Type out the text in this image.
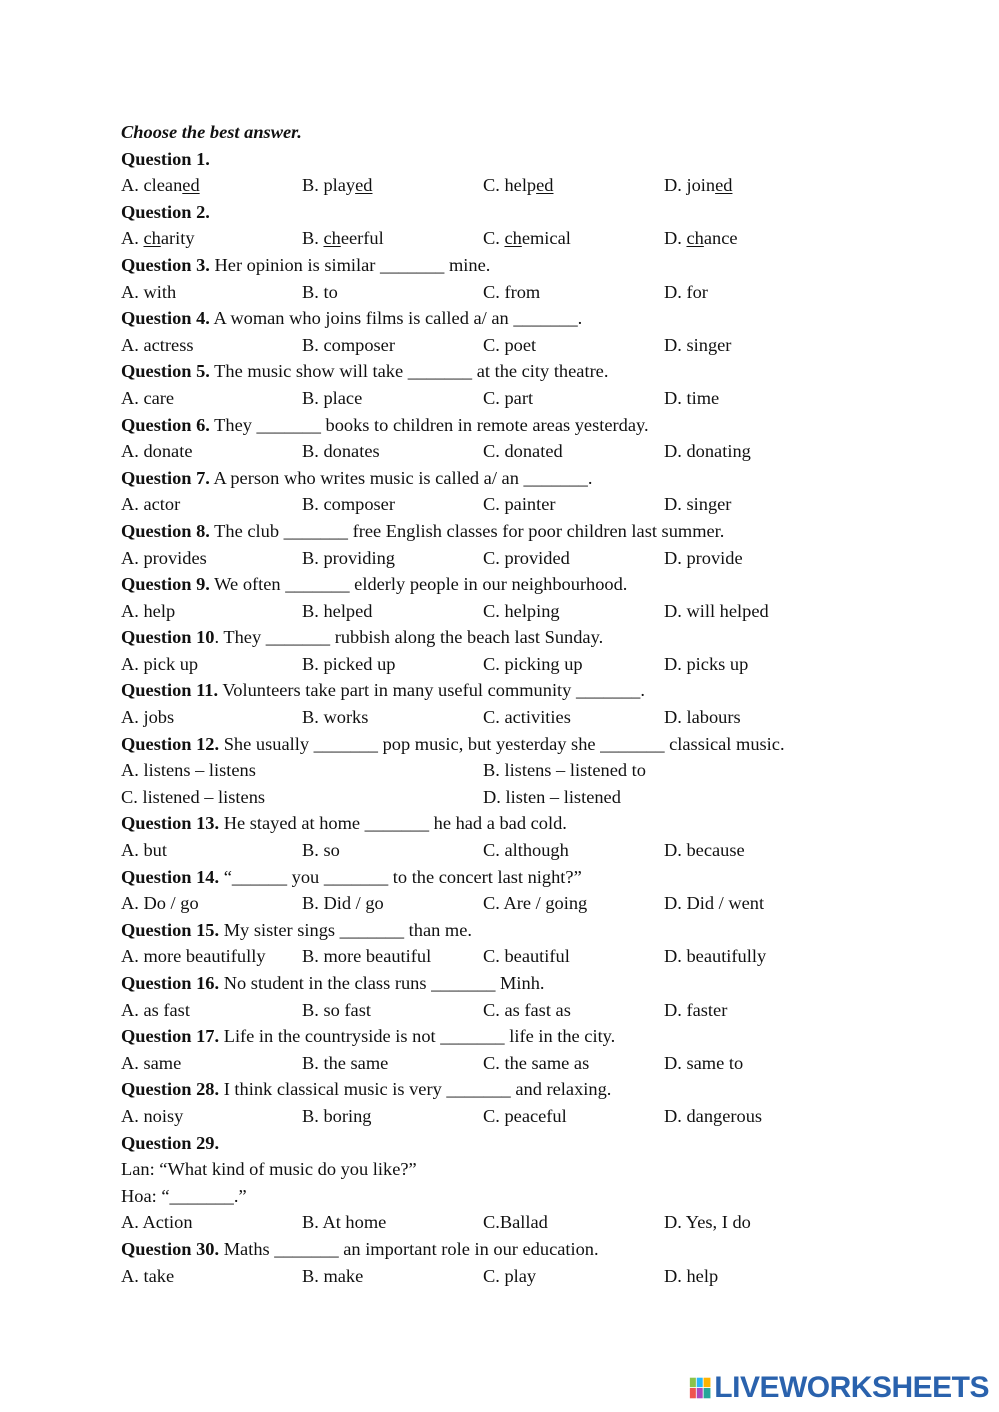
Choose the best answer.
Question 1.
A. cleaned	B. played	C. helped	D. joined
Question 2.
A. charity	B. cheerful	C. chemical	D. chance
Question 3. Her opinion is similar _______ mine.
A. with	B. to	C. from	D. for
Question 4. A woman who joins films is called a/ an _______.
A. actress	B. composer	C. poet	D. singer
Question 5. The music show will take _______ at the city theatre.
A. care	B. place	C. part	D. time
Question 6. They _______ books to children in remote areas yesterday.
A. donate	B. donates	C. donated	D. donating
Question 7. A person who writes music is called a/ an _______.
A. actor	B. composer	C. painter	D. singer
Question 8. The club _______ free English classes for poor children last summer.
A. provides	B. providing	C. provided	D. provide
Question 9. We often _______ elderly people in our neighbourhood.
A. help	B. helped	C. helping	D. will helped
Question 10. They _______ rubbish along the beach last Sunday.
A. pick up	B. picked up	C. picking up	D. picks up
Question 11. Volunteers take part in many useful community _______.
A. jobs	B. works	C. activities	D. labours
Question 12. She usually _______ pop music, but yesterday she _______ classical music.
A. listens – listens	B. listens – listened to
C. listened – listens	D. listen – listened
Question 13. He stayed at home _______ he had a bad cold.
A. but	B. so	C. although	D. because
Question 14. “______ you _______ to the concert last night?”
A. Do / go	B. Did / go	C. Are / going	D. Did / went
Question 15. My sister sings _______ than me.
A. more beautifully	B. more beautiful	C. beautiful	D. beautifully
Question 16. No student in the class runs _______ Minh.
A. as fast	B. so fast	C. as fast as	D. faster
Question 17. Life in the countryside is not _______ life in the city.
A. same	B. the same	C. the same as	D. same to
Question 28. I think classical music is very _______ and relaxing.
A. noisy	B. boring	C. peaceful	D. dangerous
Question 29.
Lan: “What kind of music do you like?”
Hoa: “_______.”
A. Action	B. At home	C.Ballad	D. Yes, I do
Question 30. Maths _______ an important role in our education.
A. take	B. make	C. play	D. help
LIVEWORKSHEETS
